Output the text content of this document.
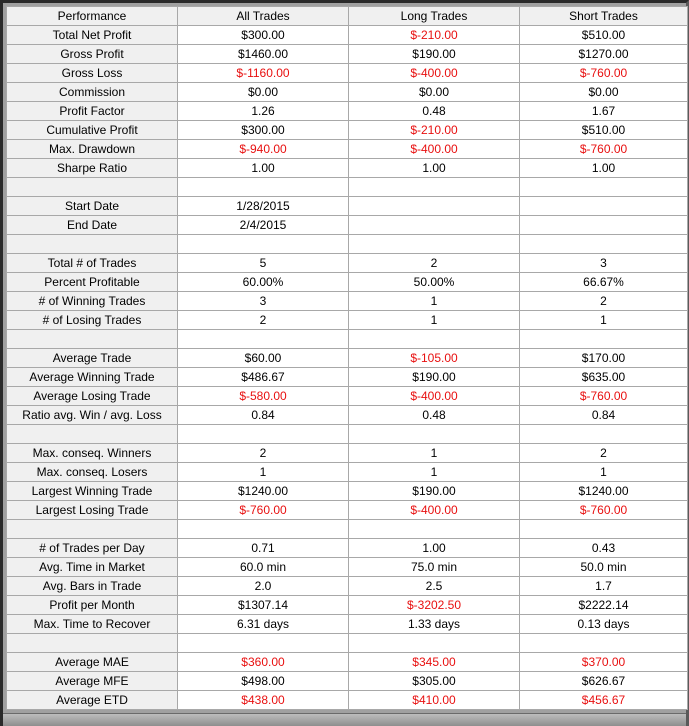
Performance	All Trades	Long Trades	Short Trades
Total Net Profit	$300.00	$-210.00	$510.00
Gross Profit	$1460.00	$190.00	$1270.00
Gross Loss	$-1160.00	$-400.00	$-760.00
Commission	$0.00	$0.00	$0.00
Profit Factor	1.26	0.48	1.67
Cumulative Profit	$300.00	$-210.00	$510.00
Max. Drawdown	$-940.00	$-400.00	$-760.00
Sharpe Ratio	1.00	1.00	1.00

Start Date	1/28/2015		
End Date	2/4/2015		

Total # of Trades	5	2	3
Percent Profitable	60.00%	50.00%	66.67%
# of Winning Trades	3	1	2
# of Losing Trades	2	1	1

Average Trade	$60.00	$-105.00	$170.00
Average Winning Trade	$486.67	$190.00	$635.00
Average Losing Trade	$-580.00	$-400.00	$-760.00
Ratio avg. Win / avg. Loss	0.84	0.48	0.84

Max. conseq. Winners	2	1	2
Max. conseq. Losers	1	1	1
Largest Winning Trade	$1240.00	$190.00	$1240.00
Largest Losing Trade	$-760.00	$-400.00	$-760.00

# of Trades per Day	0.71	1.00	0.43
Avg. Time in Market	60.0 min	75.0 min	50.0 min
Avg. Bars in Trade	2.0	2.5	1.7
Profit per Month	$1307.14	$-3202.50	$2222.14
Max. Time to Recover	6.31 days	1.33 days	0.13 days

Average MAE	$360.00	$345.00	$370.00
Average MFE	$498.00	$305.00	$626.67
Average ETD	$438.00	$410.00	$456.67
